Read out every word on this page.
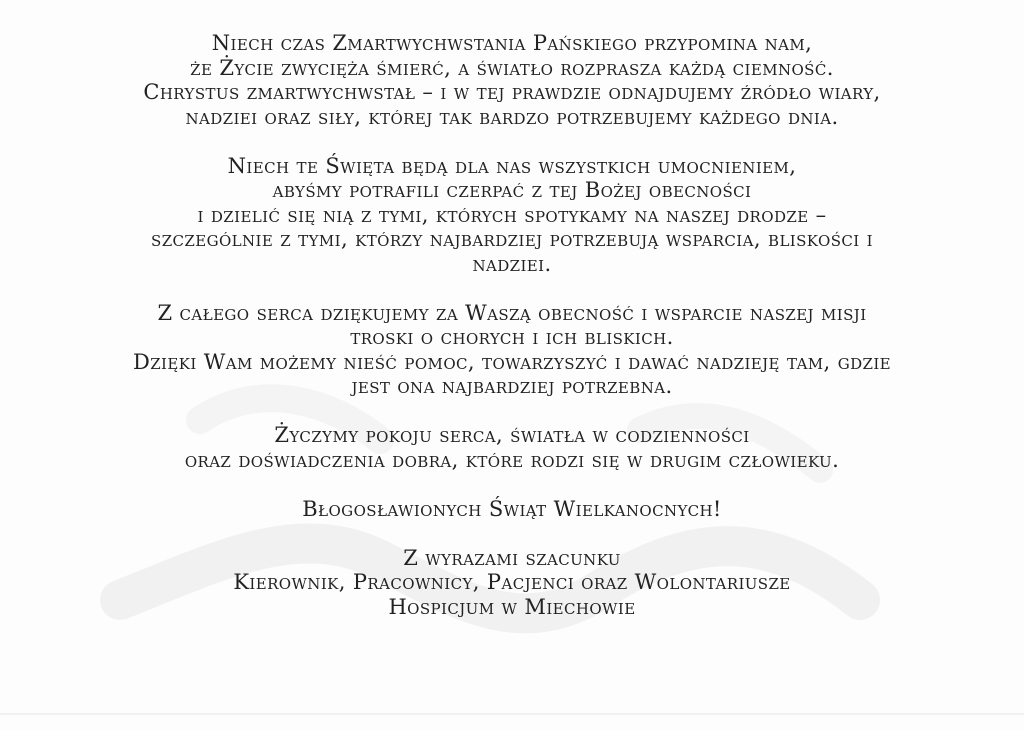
Niech czas Zmartwychwstania Pańskiego przypomina nam,
że Życie zwycięża śmierć, a światło rozprasza każdą ciemność.
Chrystus zmartwychwstał – i w tej prawdzie odnajdujemy źródło wiary,
nadziei oraz siły, której tak bardzo potrzebujemy każdego dnia.
Niech te Święta będą dla nas wszystkich umocnieniem,
abyśmy potrafili czerpać z tej Bożej obecności
i dzielić się nią z tymi, których spotykamy na naszej drodze –
szczególnie z tymi, którzy najbardziej potrzebują wsparcia, bliskości i
nadziei.
Z całego serca dziękujemy za Waszą obecność i wsparcie naszej misji
troski o chorych i ich bliskich.
Dzięki Wam możemy nieść pomoc, towarzyszyć i dawać nadzieję tam, gdzie
jest ona najbardziej potrzebna.
Życzymy pokoju serca, światła w codzienności
oraz doświadczenia dobra, które rodzi się w drugim człowieku.
Błogosławionych Świąt Wielkanocnych!
Z wyrazami szacunku
Kierownik, Pracownicy, Pacjenci oraz Wolontariusze
Hospicjum w Miechowie
